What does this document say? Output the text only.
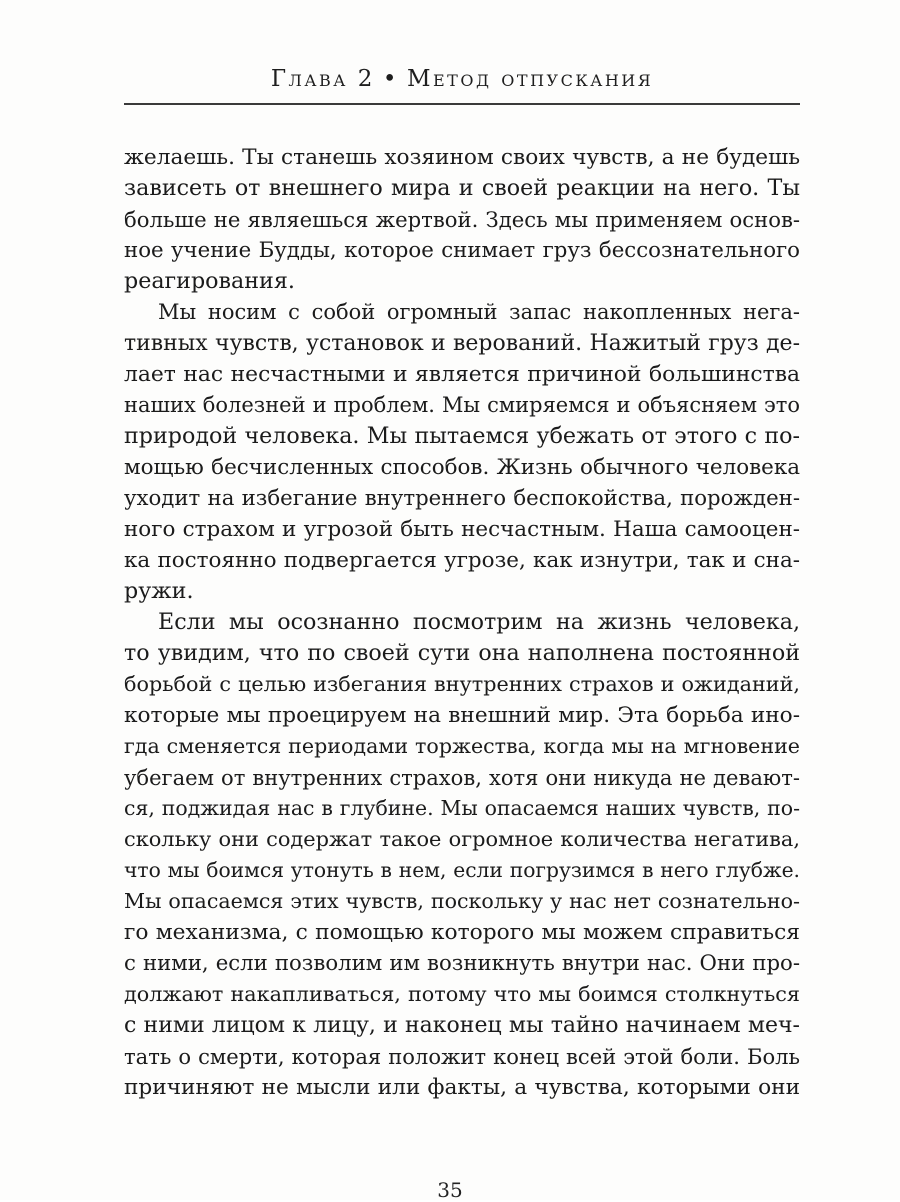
Глава 2 • Метод отпускания
желаешь. Ты станешь хозяином своих чувств, а не будешь
зависеть от внешнего мира и своей реакции на него. Ты
больше не являешься жертвой. Здесь мы применяем основ-
ное учение Будды, которое снимает груз бессознательного
реагирования.
Мы носим с собой огромный запас накопленных нега-
тивных чувств, установок и верований. Нажитый груз де-
лает нас несчастными и является причиной большинства
наших болезней и проблем. Мы смиряемся и объясняем это
природой человека. Мы пытаемся убежать от этого с по-
мощью бесчисленных способов. Жизнь обычного человека
уходит на избегание внутреннего беспокойства, порожден-
ного страхом и угрозой быть несчастным. Наша самооцен-
ка постоянно подвергается угрозе, как изнутри, так и сна-
ружи.
Если мы осознанно посмотрим на жизнь человека,
то увидим, что по своей сути она наполнена постоянной
борьбой с целью избегания внутренних страхов и ожиданий,
которые мы проецируем на внешний мир. Эта борьба ино-
гда сменяется периодами торжества, когда мы на мгновение
убегаем от внутренних страхов, хотя они никуда не девают-
ся, поджидая нас в глубине. Мы опасаемся наших чувств, по-
скольку они содержат такое огромное количества негатива,
что мы боимся утонуть в нем, если погрузимся в него глубже.
Мы опасаемся этих чувств, поскольку у нас нет сознательно-
го механизма, с помощью которого мы можем справиться
с ними, если позволим им возникнуть внутри нас. Они про-
должают накапливаться, потому что мы боимся столкнуться
с ними лицом к лицу, и наконец мы тайно начинаем меч-
тать о смерти, которая положит конец всей этой боли. Боль
причиняют не мысли или факты, а чувства, которыми они
35
